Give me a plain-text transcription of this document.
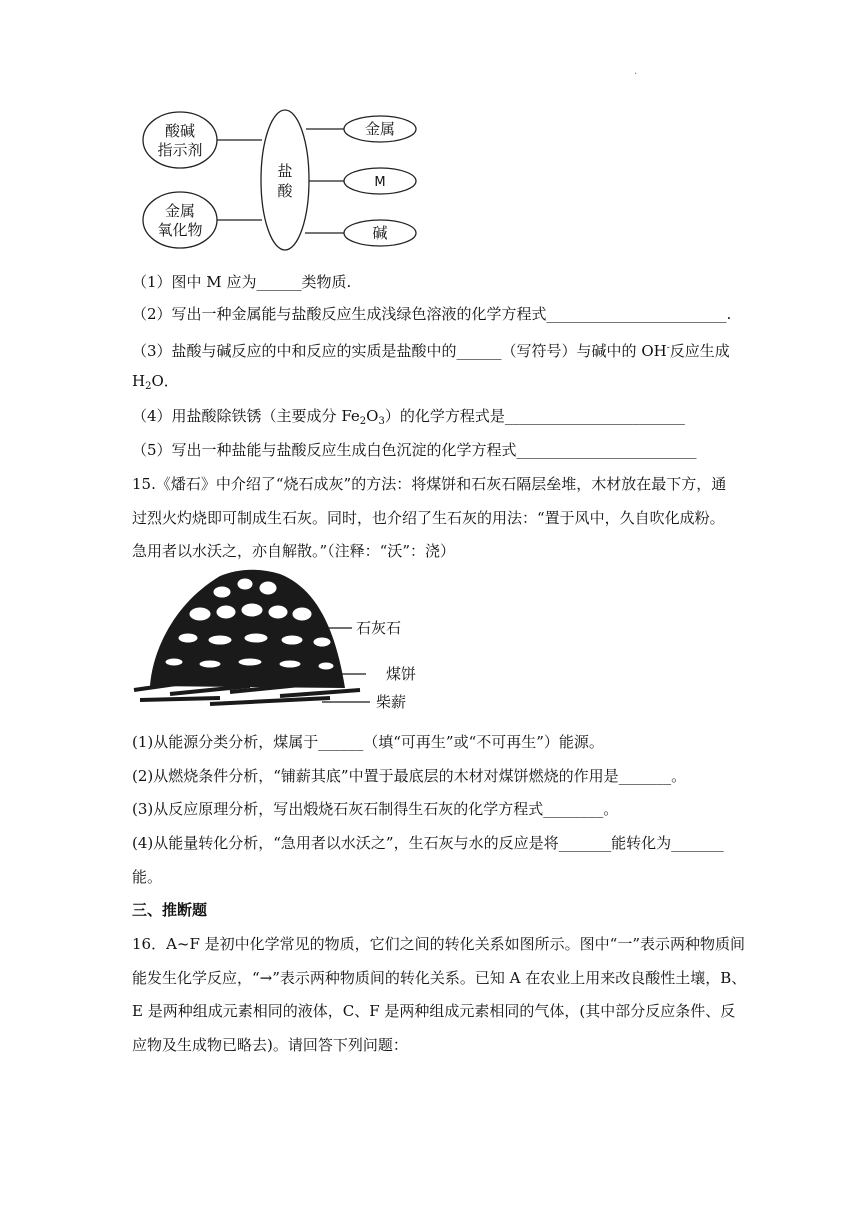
.
酸碱
指示剂
金属
氧化物
盐
酸
金属
M
碱
（1）图中 M 应为______类物质.
（2）写出一种金属能与盐酸反应生成浅绿色溶液的化学方程式________________________.
（3）盐酸与碱反应的中和反应的实质是盐酸中的______（写符号）与碱中的 OH-反应生成
$H_2O$．
（4）用盐酸除铁锈（主要成分 $Fe_2O_3$）的化学方程式是________________________
（5）写出一种盐能与盐酸反应生成白色沉淀的化学方程式________________________
15.《燔石》中介绍了“烧石成灰”的方法：将煤饼和石灰石隔层垒堆，木材放在最下方，通
过烈火灼烧即可制成生石灰。同时，也介绍了生石灰的用法：“置于风中，久自吹化成粉。
急用者以水沃之，亦自解散。”（注释：“沃”：浇）
石灰石
煤饼
柴薪
(1)从能源分类分析，煤属于______（填“可再生”或“不可再生”）能源。
(2)从燃烧条件分析，“铺薪其底”中置于最底层的木材对煤饼燃烧的作用是_______。
(3)从反应原理分析，写出煅烧石灰石制得生石灰的化学方程式________。
(4)从能量转化分析，“急用者以水沃之”，生石灰与水的反应是将_______能转化为_______
能。
三、推断题
16．A~F 是初中化学常见的物质，它们之间的转化关系如图所示。图中“一”表示两种物质间
能发生化学反应，“→”表示两种物质间的转化关系。已知 A 在农业上用来改良酸性土壤，B、
E 是两种组成元素相同的液体，C、F 是两种组成元素相同的气体，(其中部分反应条件、反
应物及生成物已略去)。请回答下列问题：
